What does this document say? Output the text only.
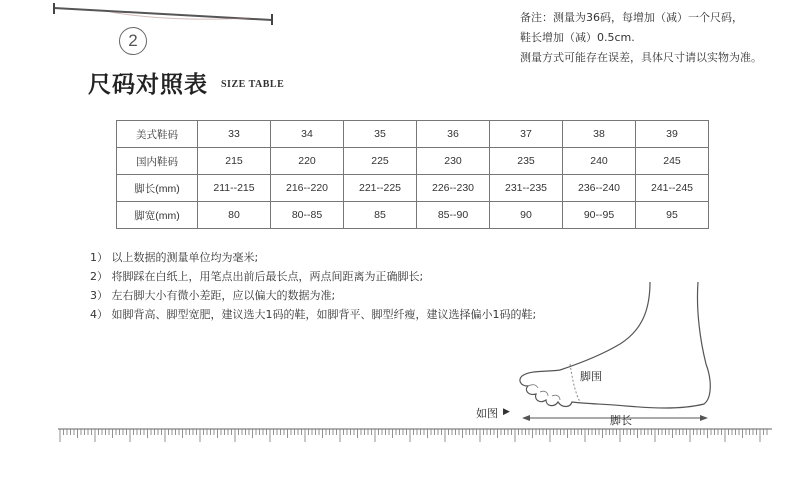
2
备注：测量为36码，每增加（减）一个尺码，
鞋长增加（减）0.5cm.
测量方式可能存在误差，具体尺寸请以实物为准。
尺码对照表 SIZE TABLE
美式鞋码	33	34	35	36	37	38	39
国内鞋码	215	220	225	230	235	240	245
脚长(mm)	211--215	216--220	221--225	226--230	231--235	236--240	241--245
脚宽(mm)	80	80--85	85	85--90	90	90--95	95
1） 以上数据的测量单位均为毫米;
2） 将脚踩在白纸上，用笔点出前后最长点，两点间距离为正确脚长;
3） 左右脚大小有微小差距，应以偏大的数据为准;
4） 如脚背高、脚型宽肥，建议选大1码的鞋，如脚背平、脚型纤瘦，建议选择偏小1码的鞋;
脚围
脚长
如图 ▶
